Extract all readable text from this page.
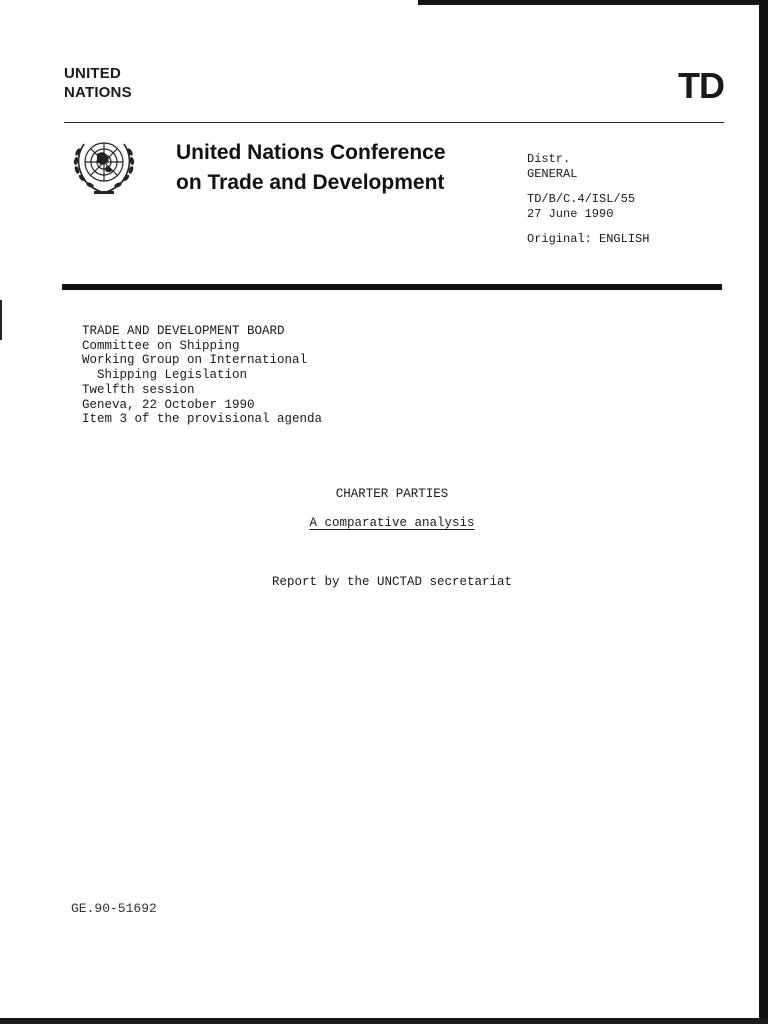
UNITED
NATIONS	TD
United Nations Conference
on Trade and Development
Distr.
GENERAL
TD/B/C.4/ISL/55
27 June 1990
Original: ENGLISH
TRADE AND DEVELOPMENT BOARD
Committee on Shipping
Working Group on International
Shipping Legislation
Twelfth session
Geneva, 22 October 1990
Item 3 of the provisional agenda
CHARTER PARTIES
A comparative analysis
Report by the UNCTAD secretariat
GE.90-51692
